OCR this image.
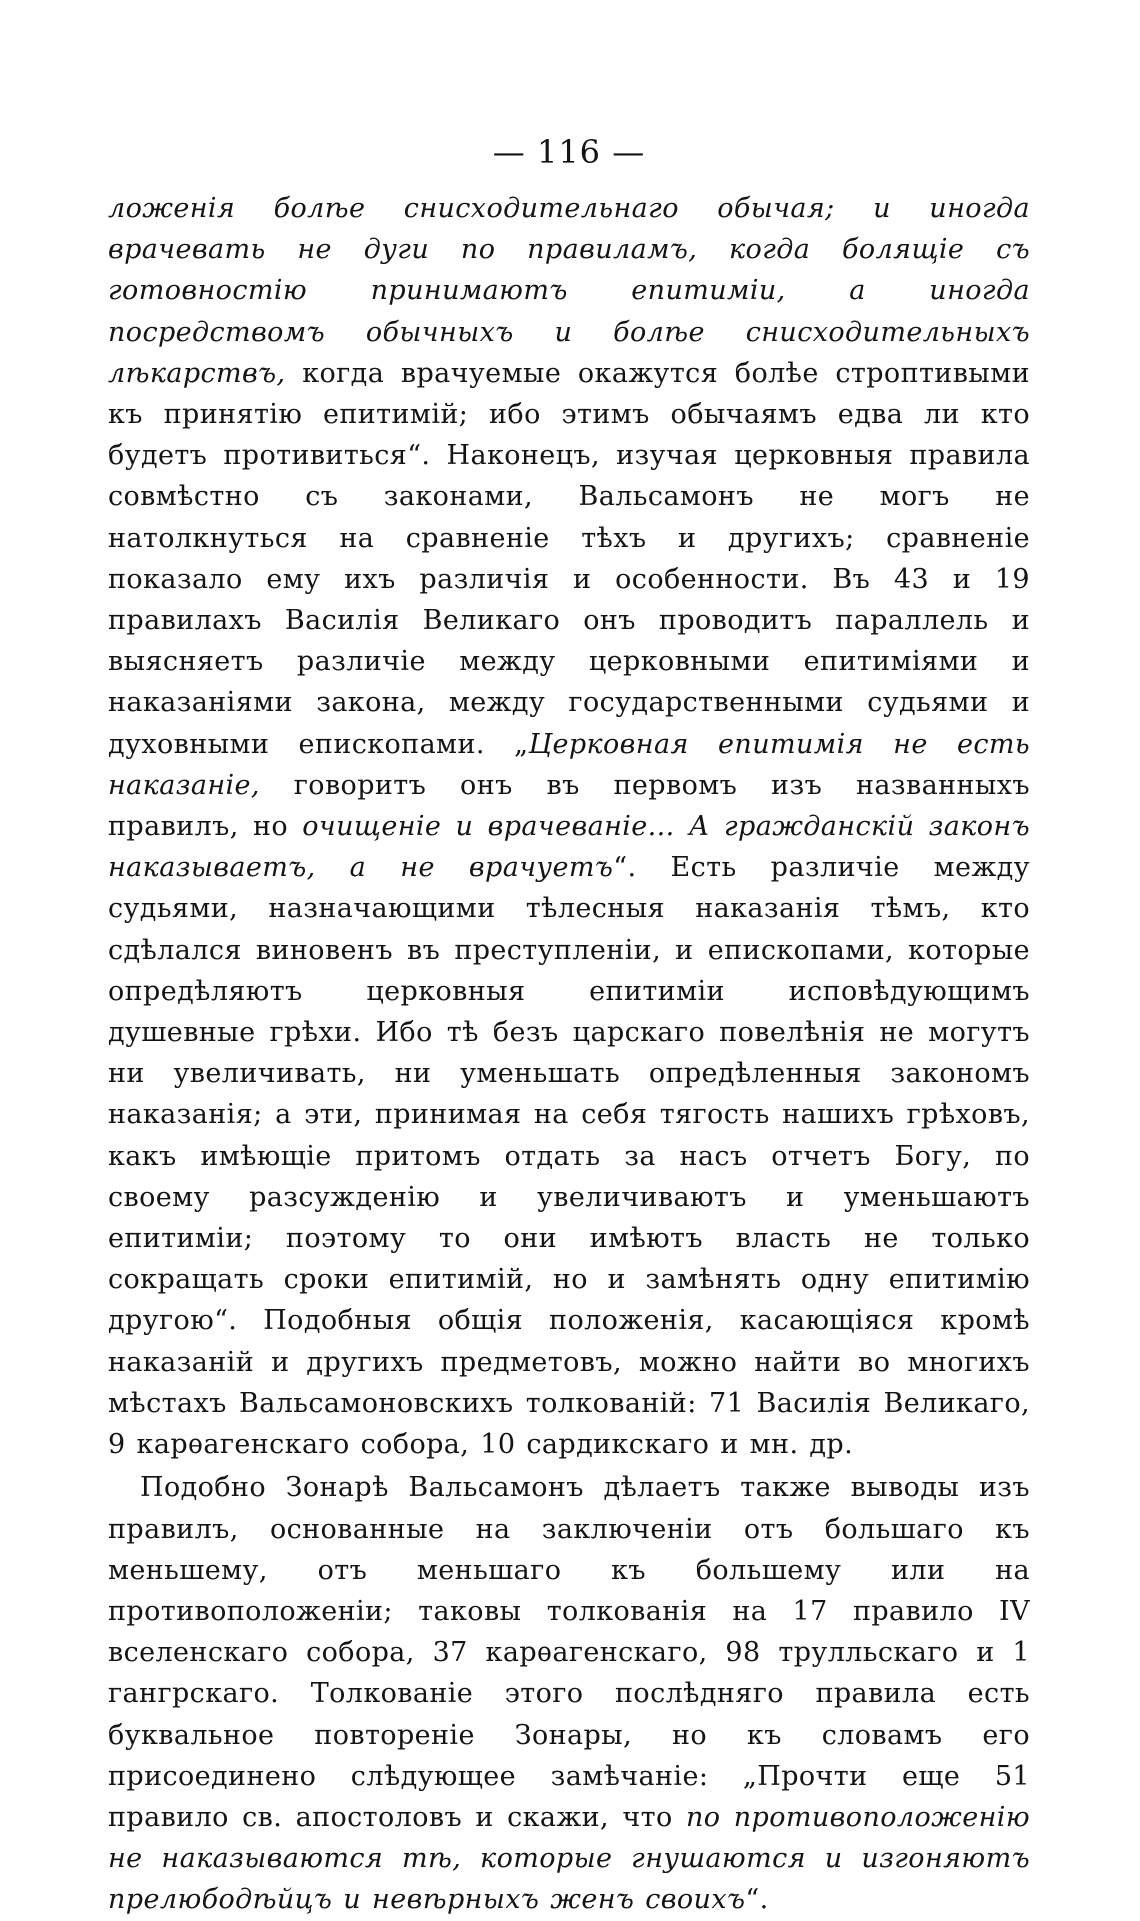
— 116 —

ложенія болѣе снисходительнаго обычая; и иногда врачевать не дуги по правиламъ, когда болящіе съ готовностію принимаютъ епитиміи, а иногда посредствомъ обычныхъ и болѣе снисходительныхъ лѣкарствъ, когда врачуемые окажутся болѣе строптивыми къ принятію епитимій; ибо этимъ обычаямъ едва ли кто будетъ противиться“. Наконецъ, изучая церковныя правила совмѣстно съ законами, Вальсамонъ не могъ не натолкнуться на сравненіе тѣхъ и другихъ; сравненіе показало ему ихъ различія и особенности. Въ 43 и 19 правилахъ Василія Великаго онъ проводитъ параллель и выясняетъ различіе между церковными епитиміями и наказаніями закона, между государственными судьями и духовными епископами. „Церковная епитимія не есть наказаніе, говоритъ онъ въ первомъ изъ названныхъ правилъ, но очищеніе и врачеваніе... А гражданскій законъ наказываетъ, а не врачуетъ“. Есть различіе между судьями, назначающими тѣлесныя наказанія тѣмъ, кто сдѣлался виновенъ въ преступленіи, и епископами, которые опредѣляютъ церковныя епитиміи исповѣдующимъ душевные грѣхи. Ибо тѣ безъ царскаго повелѣнія не могутъ ни увеличивать, ни уменьшать опредѣленныя закономъ наказанія; а эти, принимая на себя тягость нашихъ грѣховъ, какъ имѣющіе притомъ отдать за насъ отчетъ Богу, по своему разсужденію и увеличиваютъ и уменьшаютъ епитиміи; поэтому то они имѣютъ власть не только сокращать сроки епитимій, но и замѣнять одну епитимію другою“. Подобныя общія положенія, касающіяся кромѣ наказаній и другихъ предметовъ, можно найти во многихъ мѣстахъ Вальсамоновскихъ толкованій: 71 Василія Великаго, 9 карѳагенскаго собора, 10 сардикскаго и мн. др.

Подобно Зонарѣ Вальсамонъ дѣлаетъ также выводы изъ правилъ, основанные на заключеніи отъ большаго къ меньшему, отъ меньшаго къ большему или на противоположеніи; таковы толкованія на 17 правило IV вселенскаго собора, 37 карѳагенскаго, 98 трулльскаго и 1 гангрскаго. Толкованіе этого послѣдняго правила есть буквальное повтореніе Зонары, но къ словамъ его присоединено слѣдующее замѣчаніе: „Прочти еще 51 правило св. апостоловъ и скажи, что по противоположенію не наказываются тѣ, которые гнушаются и изгоняютъ прелюбодѣйцъ и невѣрныхъ женъ своихъ“.
